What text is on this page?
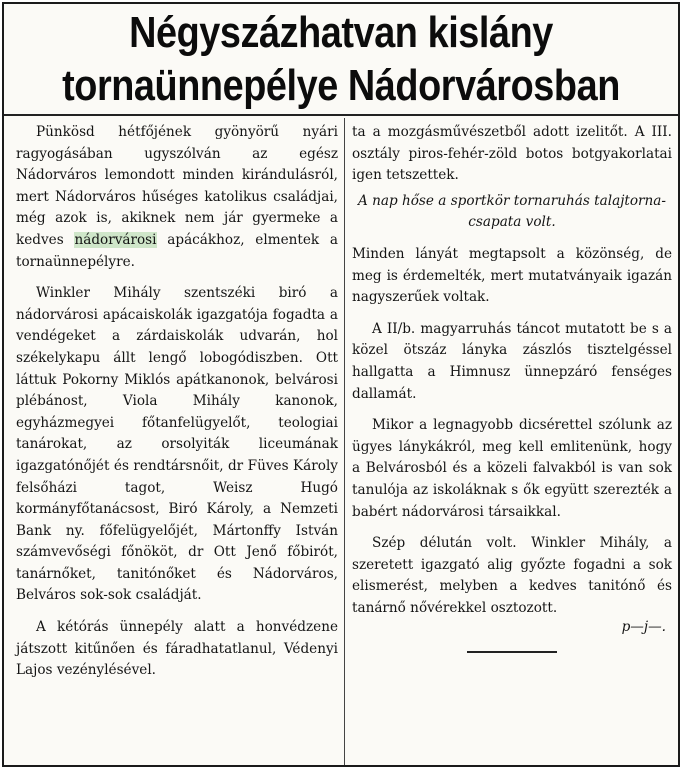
Négyszázhatvan kislány
tornaünnepélye Nádorvárosban

Pünkösd hétfőjének gyönyörű nyári ragyogásában ugyszólván az egész Nádorváros lemondott minden kirándulásról, mert Nádorváros hűséges katolikus családjai, még azok is, akiknek nem jár gyermeke a kedves nádorvárosi apácákhoz, elmentek a tornaünnepélyre.

Winkler Mihály szentszéki biró a nádorvárosi apácaiskolák igazgatója fogadta a vendégeket a zárdaiskolák udvarán, hol székelykapu állt lengő lobogódiszben. Ott láttuk Pokorny Miklós apátkanonok, belvárosi plébánost, Viola Mihály kanonok, egyházmegyei főtanfelügyelőt, teologiai tanárokat, az orsolyiták liceumának igazgatónőjét és rendtársnőit, dr Füves Károly felsőházi tagot, Weisz Hugó kormányfőtanácsost, Biró Károly, a Nemzeti Bank ny. főfelügyelőjét, Mártonffy István számvevőségi főnököt, dr Ott Jenő főbirót, tanárnőket, tanitónőket és Nádorváros, Belváros sok-sok családját.

A kétórás ünnepély alatt a honvédzene játszott kitűnően és fáradhatatlanul, Védenyi Lajos vezénylésével.

ta a mozgásművészetből adott izelitőt. A III. osztály piros-fehér-zöld botos botgyakorlatai igen tetszettek.

A nap hőse a sportkör tornaruhás talajtorna-csapata volt.

Minden lányát megtapsolt a közönség, de meg is érdemelték, mert mutatványaik igazán nagyszerűek voltak.

A II/b. magyarruhás táncot mutatott be s a közel ötszáz lányka zászlós tisztelgéssel hallgatta a Himnusz ünnepzáró fenséges dallamát.

Mikor a legnagyobb dicsérettel szólunk az ügyes lánykákról, meg kell emlitenünk, hogy a Belvárosból és a közeli falvakból is van sok tanulója az iskoláknak s ők együtt szerezték a babért nádorvárosi társaikkal.

Szép délután volt. Winkler Mihály, a szeretett igazgató alig győzte fogadni a sok elismerést, melyben a kedves tanitónő és tanárnő nővérekkel osztozott.

p—j—.
